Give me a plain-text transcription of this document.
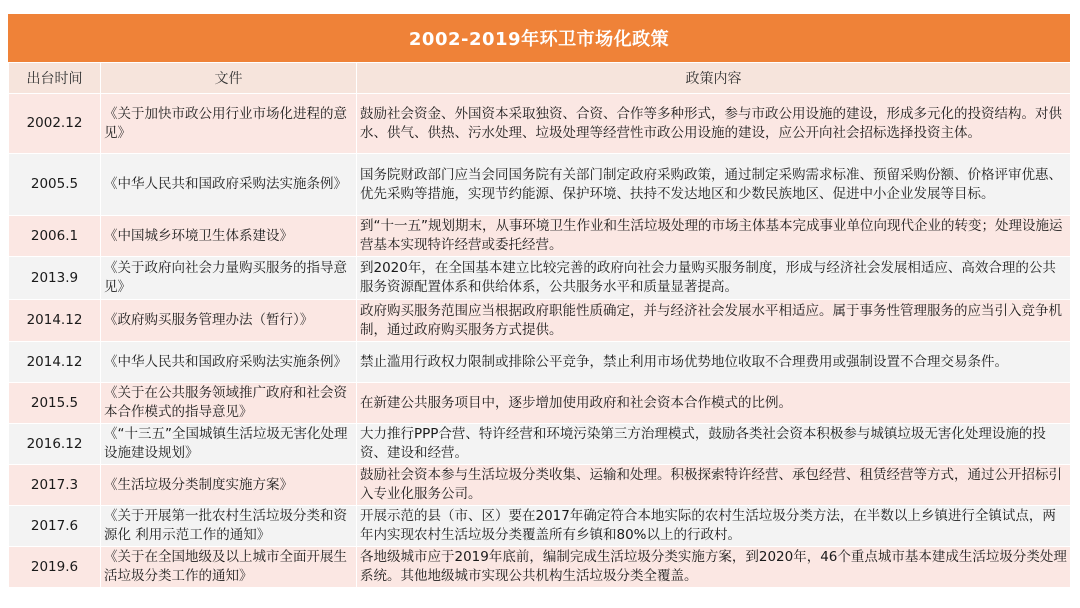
2002-2019年环卫市场化政策
出台时间	文件	政策内容
2002.12	《关于加快市政公用行业市场化进程的意见》	鼓励社会资金、外国资本采取独资、合资、合作等多种形式，参与市政公用设施的建设，形成多元化的投资结构。对供水、供气、供热、污水处理、垃圾处理等经营性市政公用设施的建设，应公开向社会招标选择投资主体。
2005.5	《中华人民共和国政府采购法实施条例》	国务院财政部门应当会同国务院有关部门制定政府采购政策，通过制定采购需求标准、预留采购份额、价格评审优惠、优先采购等措施，实现节约能源、保护环境、扶持不发达地区和少数民族地区、促进中小企业发展等目标。
2006.1	《中国城乡环境卫生体系建设》	到“十一五”规划期末，从事环境卫生作业和生活垃圾处理的市场主体基本完成事业单位向现代企业的转变；处理设施运营基本实现特许经营或委托经营。
2013.9	《关于政府向社会力量购买服务的指导意见》	到2020年，在全国基本建立比较完善的政府向社会力量购买服务制度，形成与经济社会发展相适应、高效合理的公共服务资源配置体系和供给体系，公共服务水平和质量显著提高。
2014.12	《政府购买服务管理办法（暂行）》	政府购买服务范围应当根据政府职能性质确定，并与经济社会发展水平相适应。属于事务性管理服务的应当引入竞争机制，通过政府购买服务方式提供。
2014.12	《中华人民共和国政府采购法实施条例》	禁止滥用行政权力限制或排除公平竞争，禁止利用市场优势地位收取不合理费用或强制设置不合理交易条件。
2015.5	《关于在公共服务领域推广政府和社会资本合作模式的指导意见》	在新建公共服务项目中，逐步增加使用政府和社会资本合作模式的比例。
2016.12	《“十三五”全国城镇生活垃圾无害化处理设施建设规划》	大力推行PPP合营、特许经营和环境污染第三方治理模式，鼓励各类社会资本积极参与城镇垃圾无害化处理设施的投资、建设和经营。
2017.3	《生活垃圾分类制度实施方案》	鼓励社会资本参与生活垃圾分类收集、运输和处理。积极探索特许经营、承包经营、租赁经营等方式，通过公开招标引入专业化服务公司。
2017.6	《关于开展第一批农村生活垃圾分类和资源化 利用示范工作的通知》	开展示范的县（市、区）要在2017年确定符合本地实际的农村生活垃圾分类方法，在半数以上乡镇进行全镇试点，两年内实现农村生活垃圾分类覆盖所有乡镇和80%以上的行政村。
2019.6	《关于在全国地级及以上城市全面开展生活垃圾分类工作的通知》	各地级城市应于2019年底前，编制完成生活垃圾分类实施方案，到2020年，46个重点城市基本建成生活垃圾分类处理系统。其他地级城市实现公共机构生活垃圾分类全覆盖。
